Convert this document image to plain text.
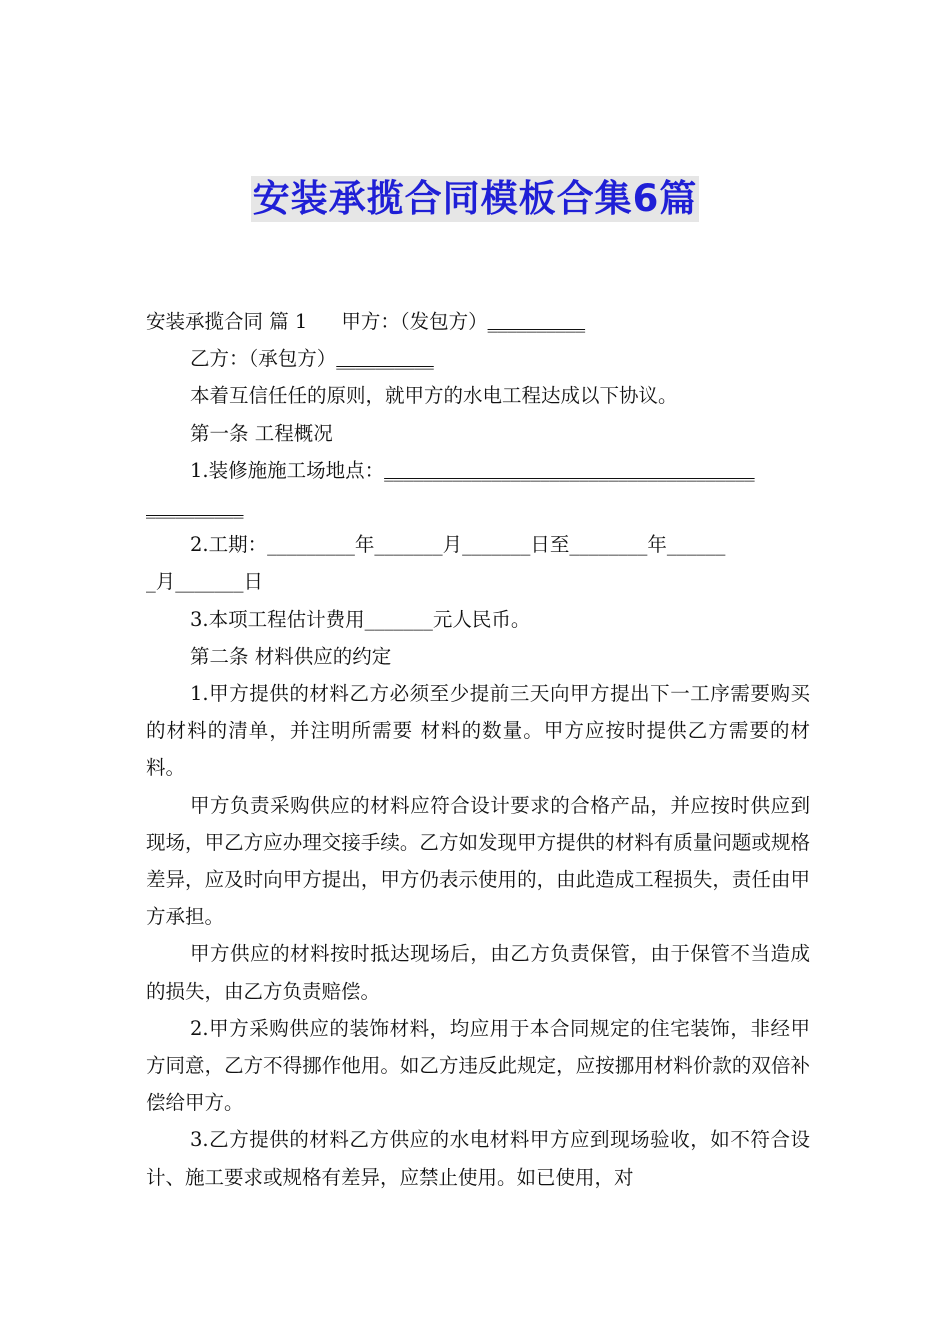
安装承揽合同模板合集6篇

安装承揽合同 篇 1 甲方：（发包方）__________

乙方：（承包方）__________

本着互信任任的原则，就甲方的水电工程达成以下协议。

第一条 工程概况

1.装修施施工场地点：______________________________________

__________

2.工期：_________年_______月_______日至________年______

_月_______日

3.本项工程估计费用_______元人民币。

第二条 材料供应的约定

1.甲方提供的材料乙方必须至少提前三天向甲方提出下一工序需要购买的材料的清单，并注明所需要 材料的数量。甲方应按时提供乙方需要的材料。

甲方负责采购供应的材料应符合设计要求的合格产品，并应按时供应到现场，甲乙方应办理交接手续。乙方如发现甲方提供的材料有质量问题或规格差异，应及时向甲方提出，甲方仍表示使用的，由此造成工程损失，责任由甲方承担。

甲方供应的材料按时抵达现场后，由乙方负责保管，由于保管不当造成的损失，由乙方负责赔偿。

2.甲方采购供应的装饰材料，均应用于本合同规定的住宅装饰，非经甲方同意，乙方不得挪作他用。如乙方违反此规定，应按挪用材料价款的双倍补偿给甲方。

3.乙方提供的材料乙方供应的水电材料甲方应到现场验收，如不符合设计、施工要求或规格有差异，应禁止使用。如已使用，对
